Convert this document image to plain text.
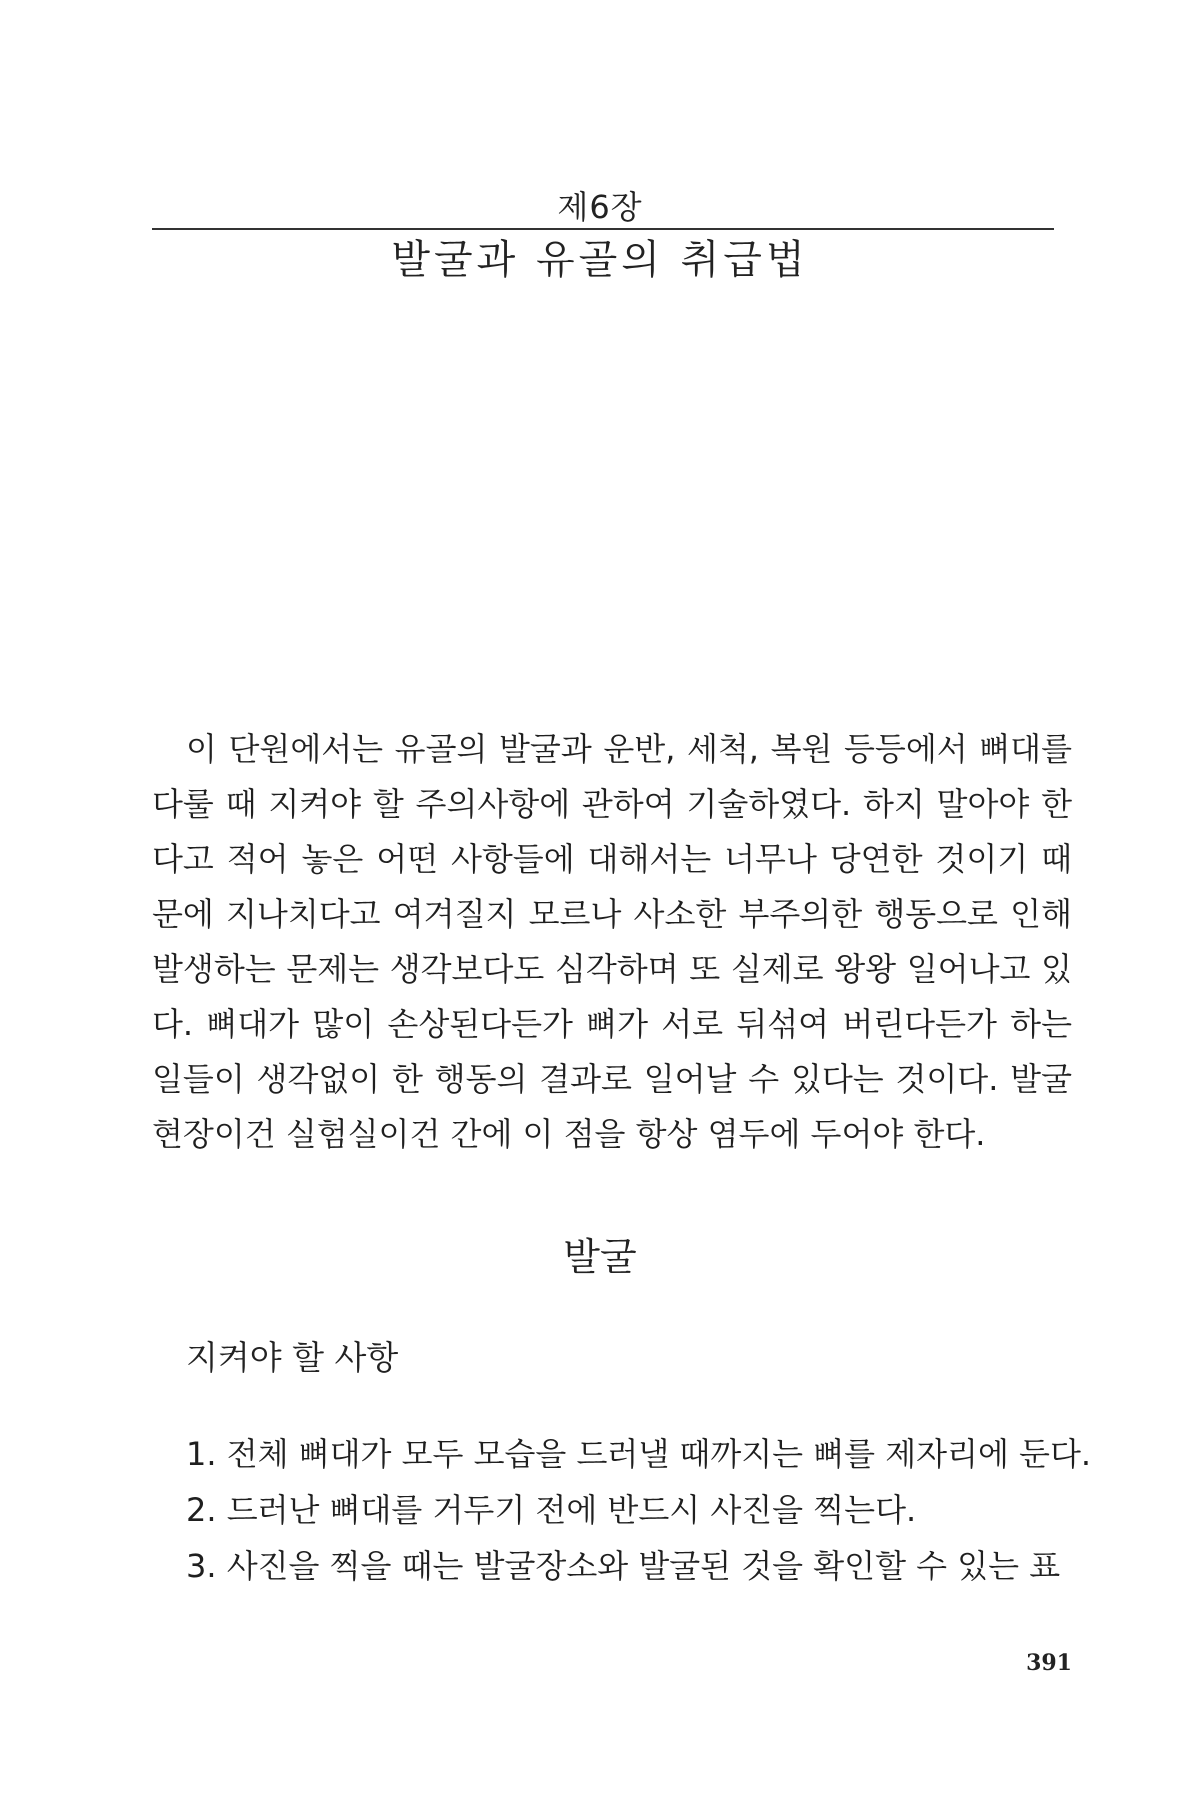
제6장
발굴과 유골의 취급법

이 단원에서는 유골의 발굴과 운반, 세척, 복원 등등에서 뼈대를 다룰 때 지켜야 할 주의사항에 관하여 기술하였다. 하지 말아야 한다고 적어 놓은 어떤 사항들에 대해서는 너무나 당연한 것이기 때문에 지나치다고 여겨질지 모르나 사소한 부주의한 행동으로 인해 발생하는 문제는 생각보다도 심각하며 또 실제로 왕왕 일어나고 있다. 뼈대가 많이 손상된다든가 뼈가 서로 뒤섞여 버린다든가 하는 일들이 생각없이 한 행동의 결과로 일어날 수 있다는 것이다. 발굴현장이건 실험실이건 간에 이 점을 항상 염두에 두어야 한다.

발굴
지켜야 할 사항
1. 전체 뼈대가 모두 모습을 드러낼 때까지는 뼈를 제자리에 둔다.
2. 드러난 뼈대를 거두기 전에 반드시 사진을 찍는다.
3. 사진을 찍을 때는 발굴장소와 발굴된 것을 확인할 수 있는 표
391
